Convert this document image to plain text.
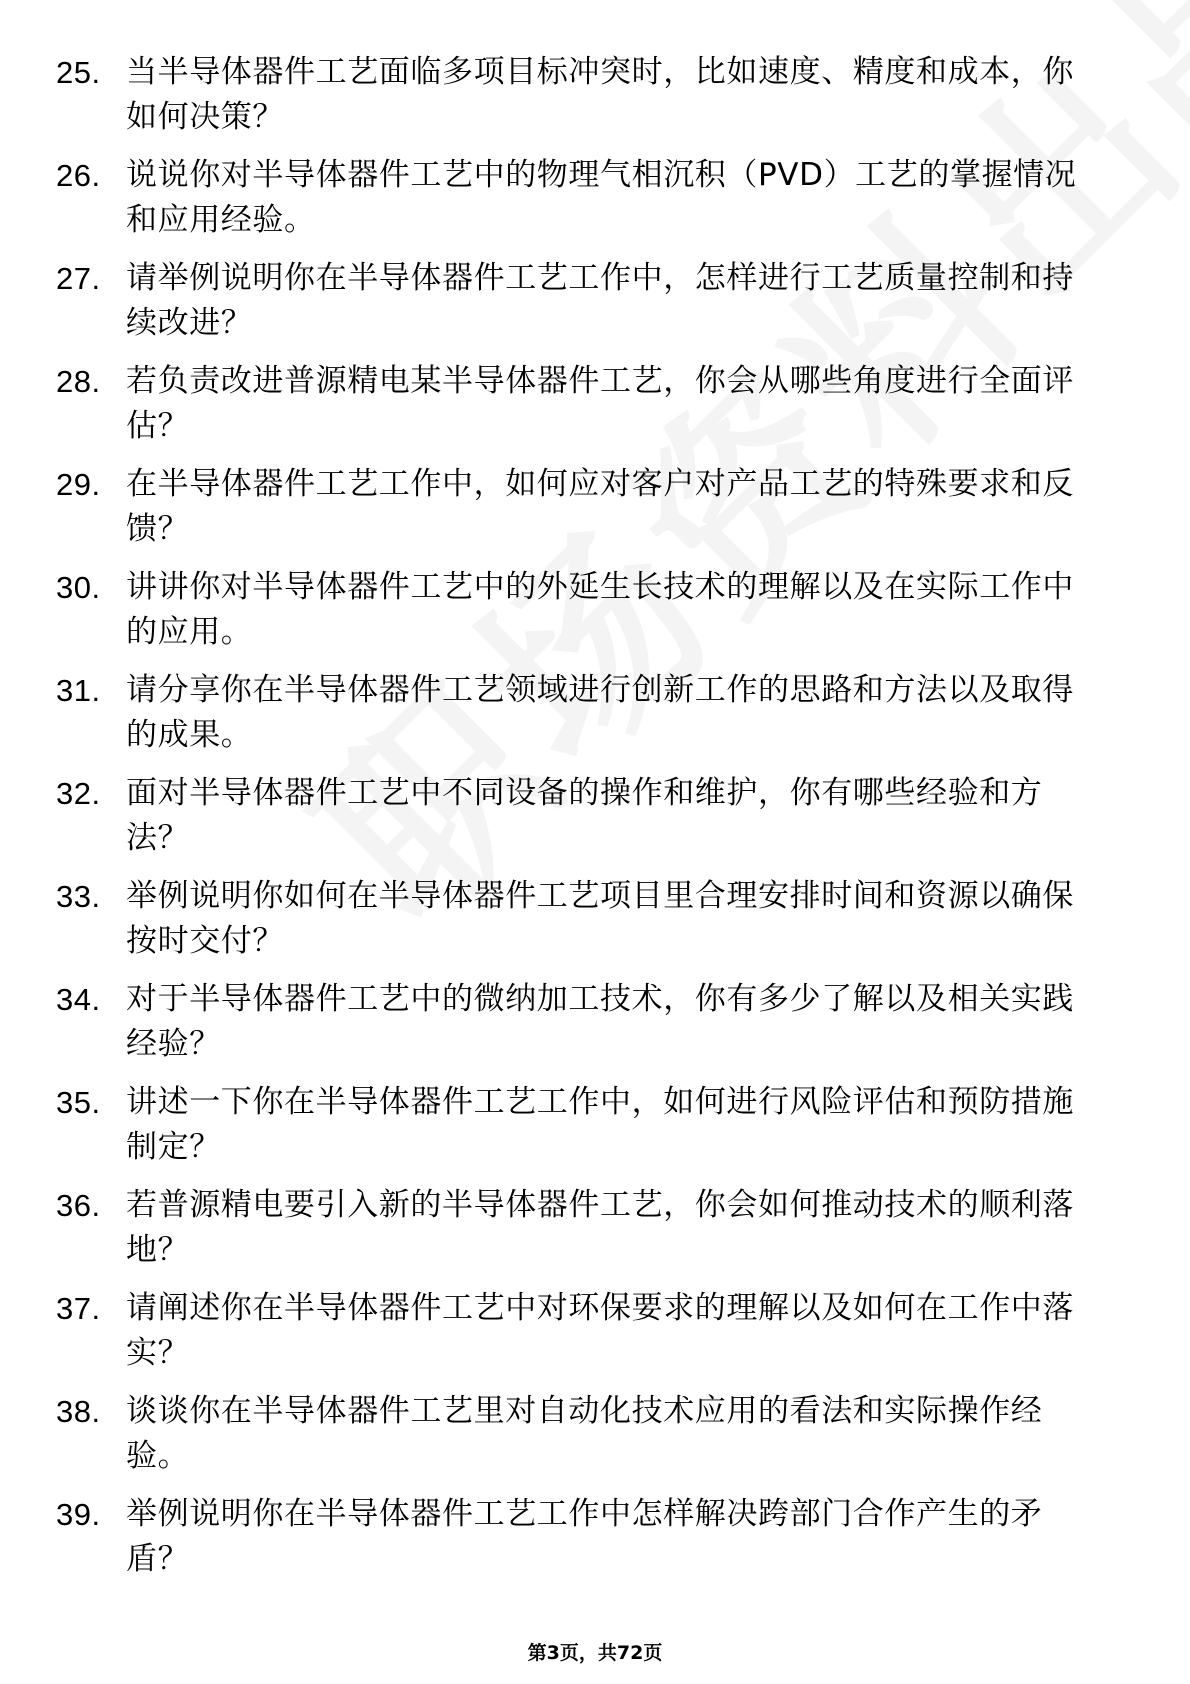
25. 当半导体器件工艺面临多项目标冲突时，比如速度、精度和成本，你如何决策？
26. 说说你对半导体器件工艺中的物理气相沉积（PVD）工艺的掌握情况和应用经验。
27. 请举例说明你在半导体器件工艺工作中，怎样进行工艺质量控制和持续改进？
28. 若负责改进普源精电某半导体器件工艺，你会从哪些角度进行全面评估？
29. 在半导体器件工艺工作中，如何应对客户对产品工艺的特殊要求和反馈？
30. 讲讲你对半导体器件工艺中的外延生长技术的理解以及在实际工作中的应用。
31. 请分享你在半导体器件工艺领域进行创新工作的思路和方法以及取得的成果。
32. 面对半导体器件工艺中不同设备的操作和维护，你有哪些经验和方法？
33. 举例说明你如何在半导体器件工艺项目里合理安排时间和资源以确保按时交付？
34. 对于半导体器件工艺中的微纳加工技术，你有多少了解以及相关实践经验？
35. 讲述一下你在半导体器件工艺工作中，如何进行风险评估和预防措施制定？
36. 若普源精电要引入新的半导体器件工艺，你会如何推动技术的顺利落地？
37. 请阐述你在半导体器件工艺中对环保要求的理解以及如何在工作中落实？
38. 谈谈你在半导体器件工艺里对自动化技术应用的看法和实际操作经验。
39. 举例说明你在半导体器件工艺工作中怎样解决跨部门合作产生的矛盾？
第3页，共72页
